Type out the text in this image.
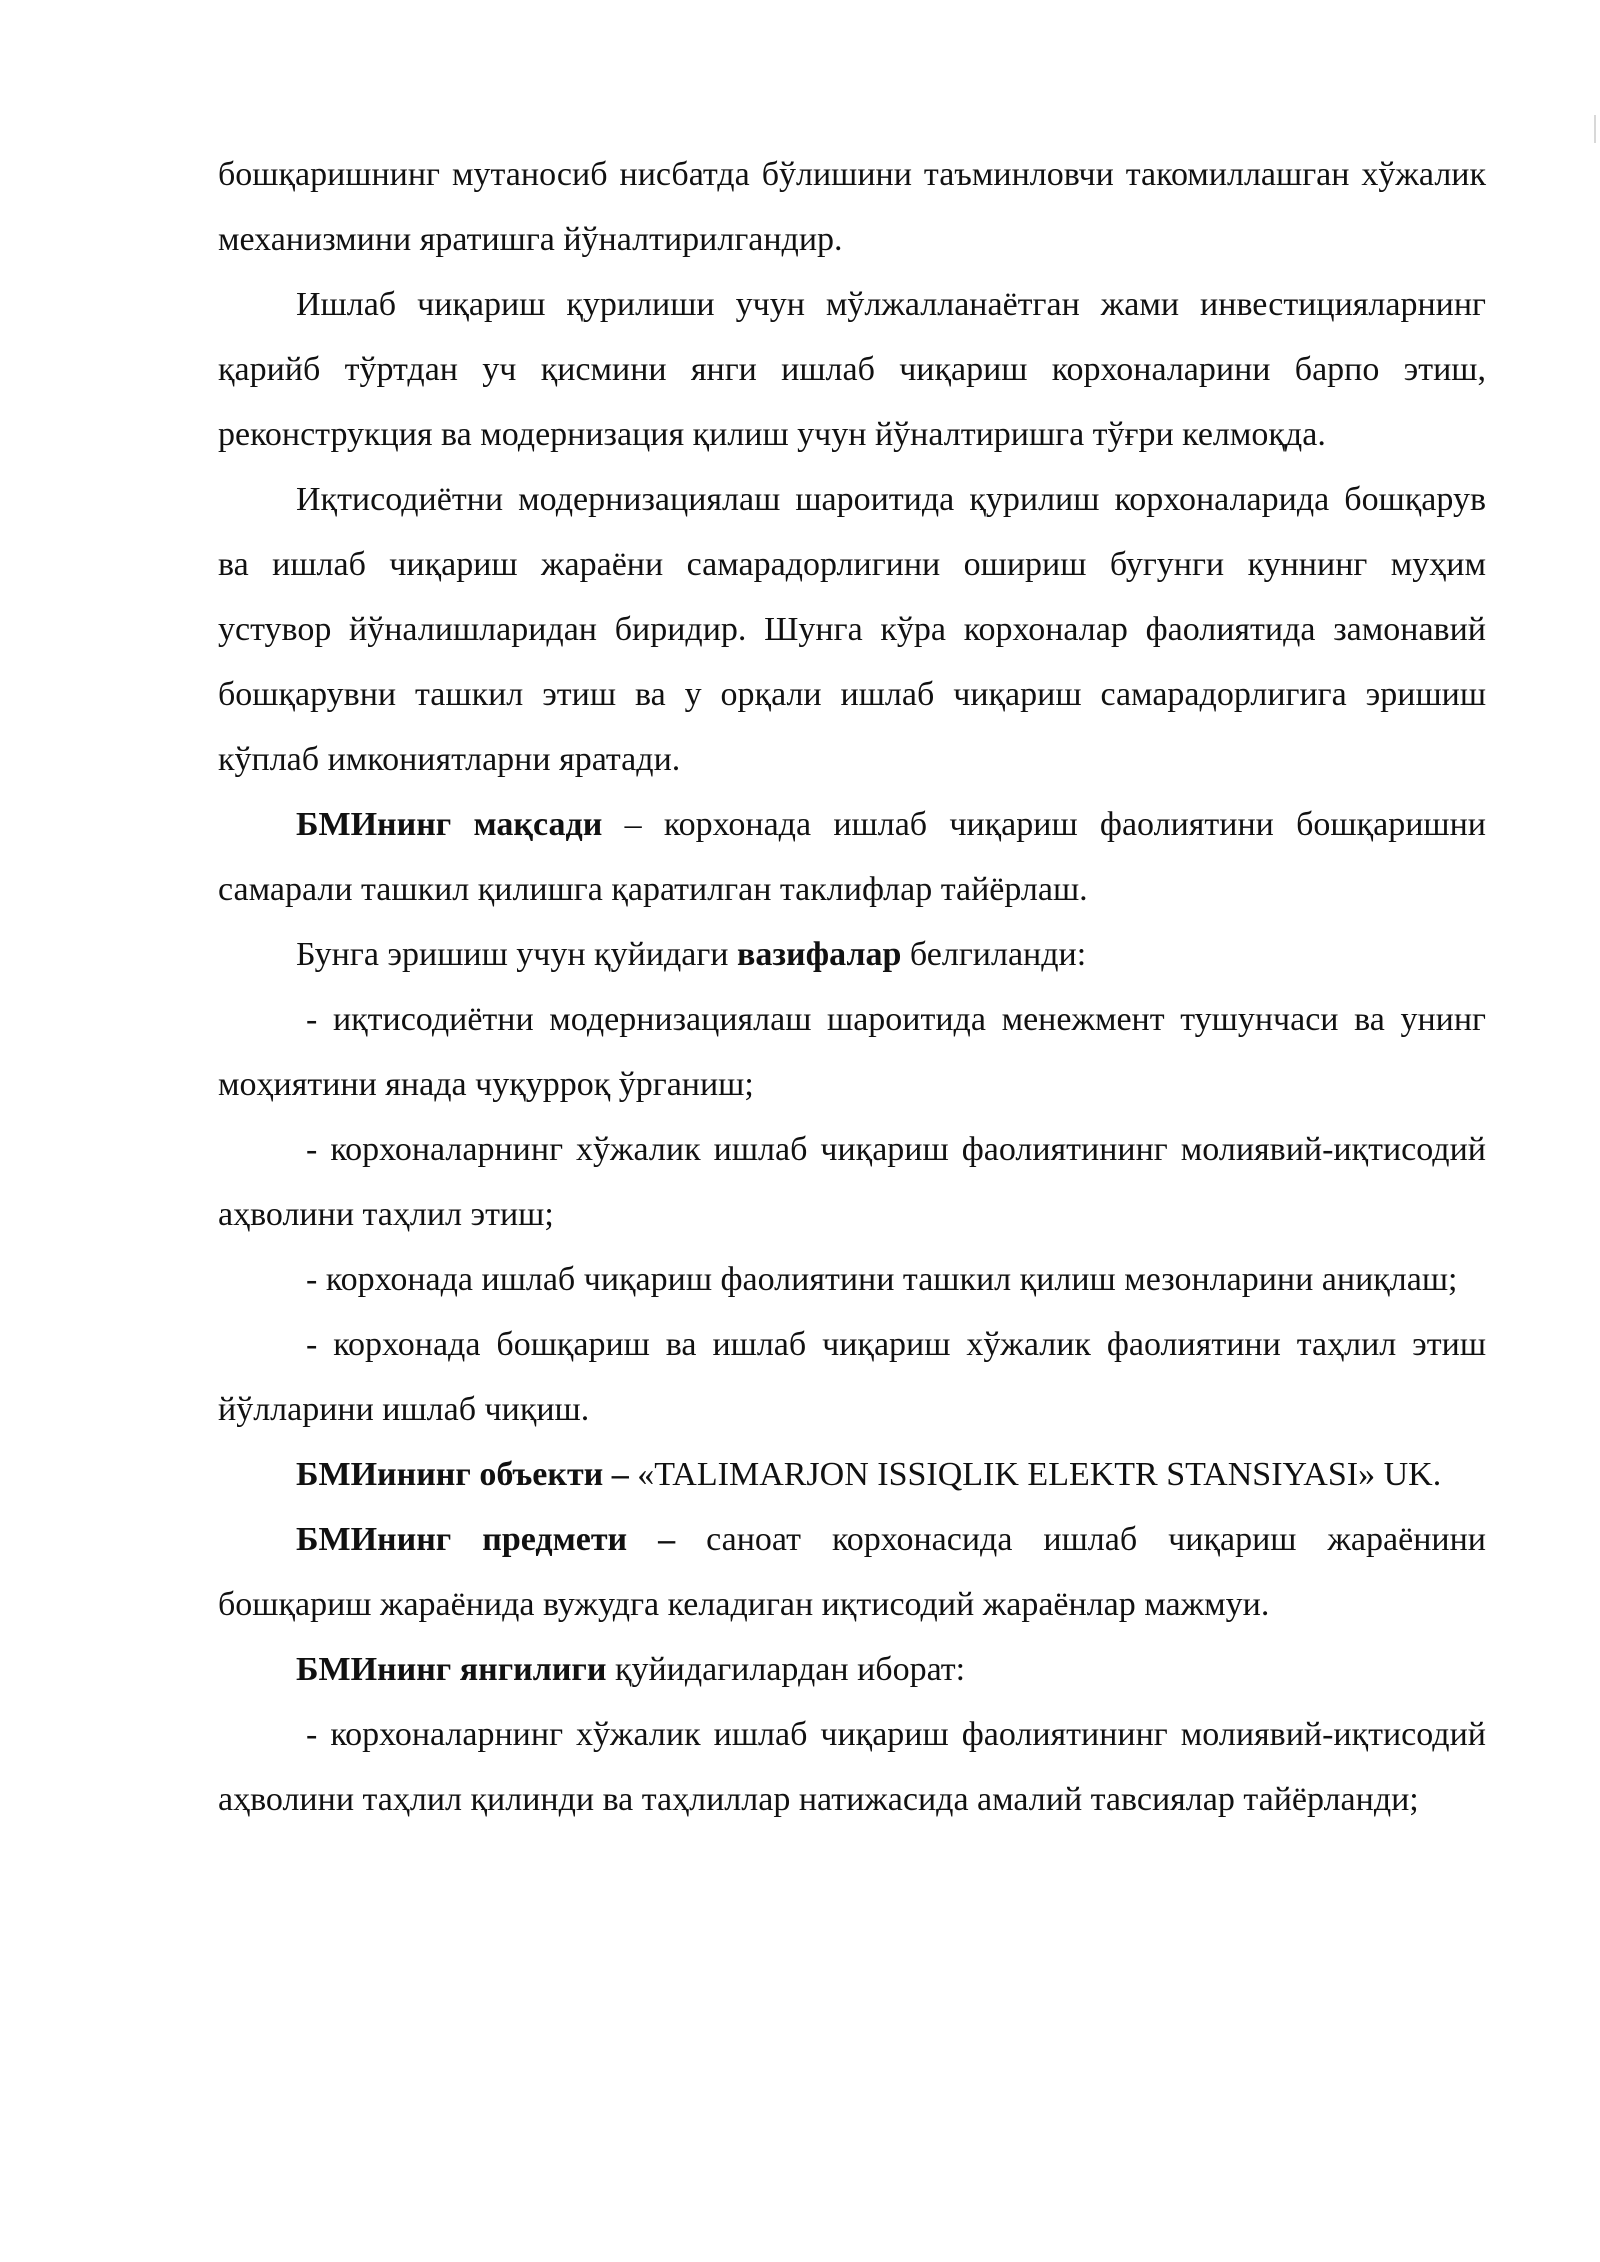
бошқаришнинг мутаносиб нисбатда бўлишини таъминловчи такомиллашган хўжалик механизмини яратишга йўналтирилгандир.

Ишлаб чиқариш қурилиши учун мўлжалланаётган жами инвестицияларнинг қарийб тўртдан уч қисмини янги ишлаб чиқариш корхоналарини барпо этиш, реконструкция ва модернизация қилиш учун йўналтиришга тўғри келмоқда.

Иқтисодиётни модернизациялаш шароитида қурилиш корхоналарида бошқарув ва ишлаб чиқариш жараёни самарадорлигини ошириш бугунги куннинг муҳим устувор йўналишларидан биридир. Шунга кўра корхоналар фаолиятида замонавий бошқарувни ташкил этиш ва у орқали ишлаб чиқариш самарадорлигига эришиш кўплаб имкониятларни яратади.

БМИнинг мақсади – корхонада ишлаб чиқариш фаолиятини бошқаришни самарали ташкил қилишга қаратилган таклифлар тайёрлаш.

Бунга эришиш учун қуйидаги вазифалар белгиланди:

- иқтисодиётни модернизациялаш шароитида менежмент тушунчаси ва унинг моҳиятини янада чуқурроқ ўрганиш;

- корхоналарнинг хўжалик ишлаб чиқариш фаолиятининг молиявий-иқтисодий аҳволини таҳлил этиш;

- корхонада ишлаб чиқариш фаолиятини ташкил қилиш мезонларини аниқлаш;

- корхонада бошқариш ва ишлаб чиқариш хўжалик фаолиятини таҳлил этиш йўлларини ишлаб чиқиш.

БМИининг объекти – «TALIMARJON ISSIQLIK ELEKTR STANSIYASI» UK.

БМИнинг предмети – саноат корхонасида ишлаб чиқариш жараёнини бошқариш жараёнида вужудга келадиган иқтисодий жараёнлар мажмуи.

БМИнинг янгилиги қуйидагилардан иборат:

- корхоналарнинг хўжалик ишлаб чиқариш фаолиятининг молиявий-иқтисодий аҳволини таҳлил қилинди ва таҳлиллар натижасида амалий тавсиялар тайёрланди;
